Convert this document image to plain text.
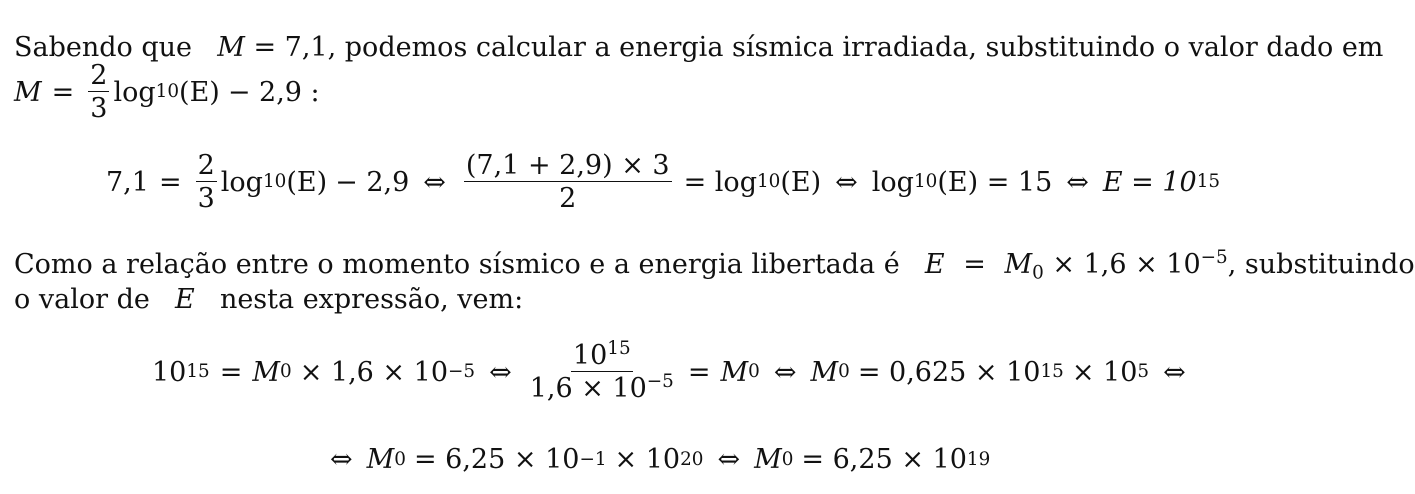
Sabendo que M = 7,1, podemos calcular a energia sísmica irradiada, substituindo o valor dado em
$M = \frac{2}{3}$ log 10 (E) − 2,9 :
$7,1 = \frac{2}{3}$ log 10 (E) − 2,9 ⇔ $\frac{(7,1 + 2,9) \times 3}{2} = \log 10$ (E) ⇔ log 10 (E) = 15 ⇔ E = 10 15
Como a relação entre o momento sísmico e a energia libertada é $E = M_0 \times 1,6 \times 10^{-5}$, substituindo
o valor de E nesta expressão, vem:
10 15 = M 0 × 1,6 × 10 −5 ⇔ $\frac{10^{15}}{1,6 \times 10^{-5}} = M$ 0 ⇔ M 0 = 0,625 × 10 15 × 10 5 ⇔
⇔ M 0 = 6,25 × 10 −1 × 10 20 ⇔ M 0 = 6,25 × 10 19
